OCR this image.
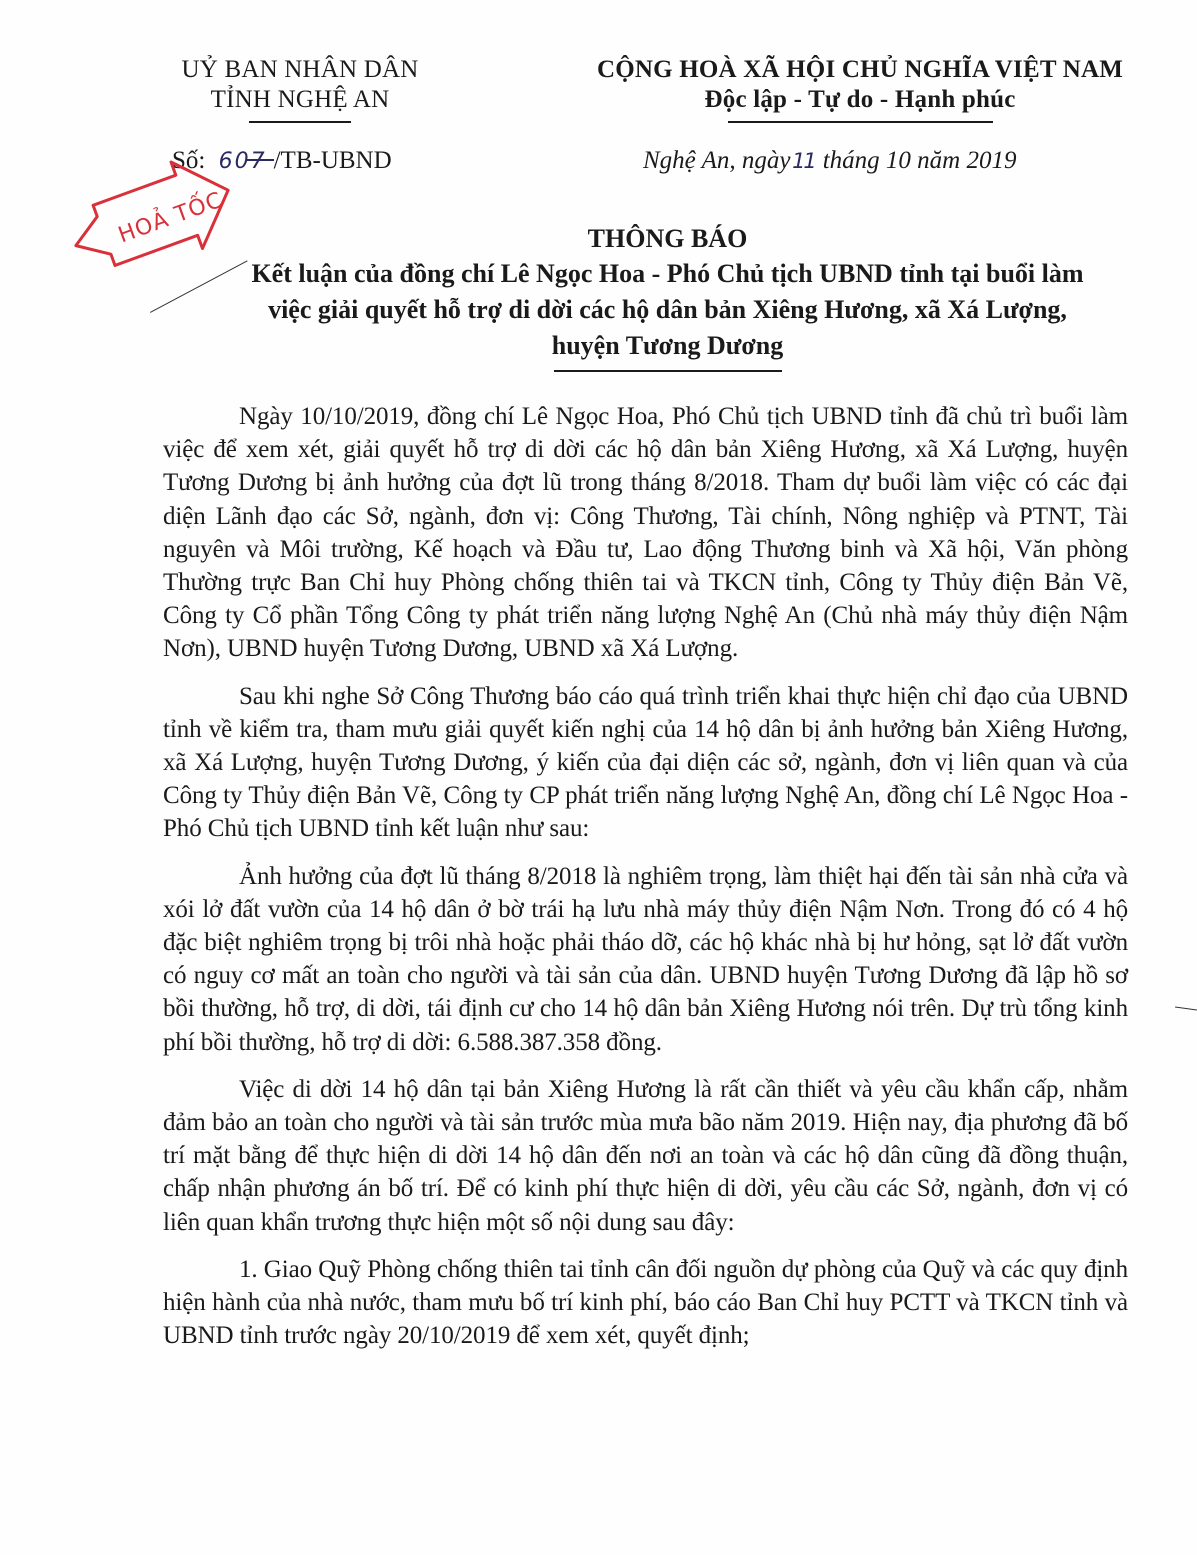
UỶ BAN NHÂN DÂN
TỈNH NGHỆ AN
CỘNG HOÀ XÃ HỘI CHỦ NGHĨA VIỆT NAM
Độc lập - Tự do - Hạnh phúc
Số: 607 /TB-UBND	Nghệ An, ngày11 tháng 10 năm 2019
HOẢ TỐC	THÔNG BÁO
Kết luận của đồng chí Lê Ngọc Hoa - Phó Chủ tịch UBND tỉnh tại buổi làm
việc giải quyết hỗ trợ di dời các hộ dân bản Xiêng Hương, xã Xá Lượng,
huyện Tương Dương

Ngày 10/10/2019, đồng chí Lê Ngọc Hoa, Phó Chủ tịch UBND tỉnh đã chủ trì buổi làm việc để xem xét, giải quyết hỗ trợ di dời các hộ dân bản Xiêng Hương, xã Xá Lượng, huyện Tương Dương bị ảnh hưởng của đợt lũ trong tháng 8/2018. Tham dự buổi làm việc có các đại diện Lãnh đạo các Sở, ngành, đơn vị: Công Thương, Tài chính, Nông nghiệp và PTNT, Tài nguyên và Môi trường, Kế hoạch và Đầu tư, Lao động Thương binh và Xã hội, Văn phòng Thường trực Ban Chỉ huy Phòng chống thiên tai và TKCN tỉnh, Công ty Thủy điện Bản Vẽ, Công ty Cổ phần Tổng Công ty phát triển năng lượng Nghệ An (Chủ nhà máy thủy điện Nậm Nơn), UBND huyện Tương Dương, UBND xã Xá Lượng.

Sau khi nghe Sở Công Thương báo cáo quá trình triển khai thực hiện chỉ đạo của UBND tỉnh về kiểm tra, tham mưu giải quyết kiến nghị của 14 hộ dân bị ảnh hưởng bản Xiêng Hương, xã Xá Lượng, huyện Tương Dương, ý kiến của đại diện các sở, ngành, đơn vị liên quan và của Công ty Thủy điện Bản Vẽ, Công ty CP phát triển năng lượng Nghệ An, đồng chí Lê Ngọc Hoa - Phó Chủ tịch UBND tỉnh kết luận như sau:

Ảnh hưởng của đợt lũ tháng 8/2018 là nghiêm trọng, làm thiệt hại đến tài sản nhà cửa và xói lở đất vườn của 14 hộ dân ở bờ trái hạ lưu nhà máy thủy điện Nậm Nơn. Trong đó có 4 hộ đặc biệt nghiêm trọng bị trôi nhà hoặc phải tháo dỡ, các hộ khác nhà bị hư hỏng, sạt lở đất vườn có nguy cơ mất an toàn cho người và tài sản của dân. UBND huyện Tương Dương đã lập hồ sơ bồi thường, hỗ trợ, di dời, tái định cư cho 14 hộ dân bản Xiêng Hương nói trên. Dự trù tổng kinh phí bồi thường, hỗ trợ di dời: 6.588.387.358 đồng.

Việc di dời 14 hộ dân tại bản Xiêng Hương là rất cần thiết và yêu cầu khẩn cấp, nhằm đảm bảo an toàn cho người và tài sản trước mùa mưa bão năm 2019. Hiện nay, địa phương đã bố trí mặt bằng để thực hiện di dời 14 hộ dân đến nơi an toàn và các hộ dân cũng đã đồng thuận, chấp nhận phương án bố trí. Để có kinh phí thực hiện di dời, yêu cầu các Sở, ngành, đơn vị có liên quan khẩn trương thực hiện một số nội dung sau đây:

1. Giao Quỹ Phòng chống thiên tai tỉnh cân đối nguồn dự phòng của Quỹ và các quy định hiện hành của nhà nước, tham mưu bố trí kinh phí, báo cáo Ban Chỉ huy PCTT và TKCN tỉnh và UBND tỉnh trước ngày 20/10/2019 để xem xét, quyết định;
